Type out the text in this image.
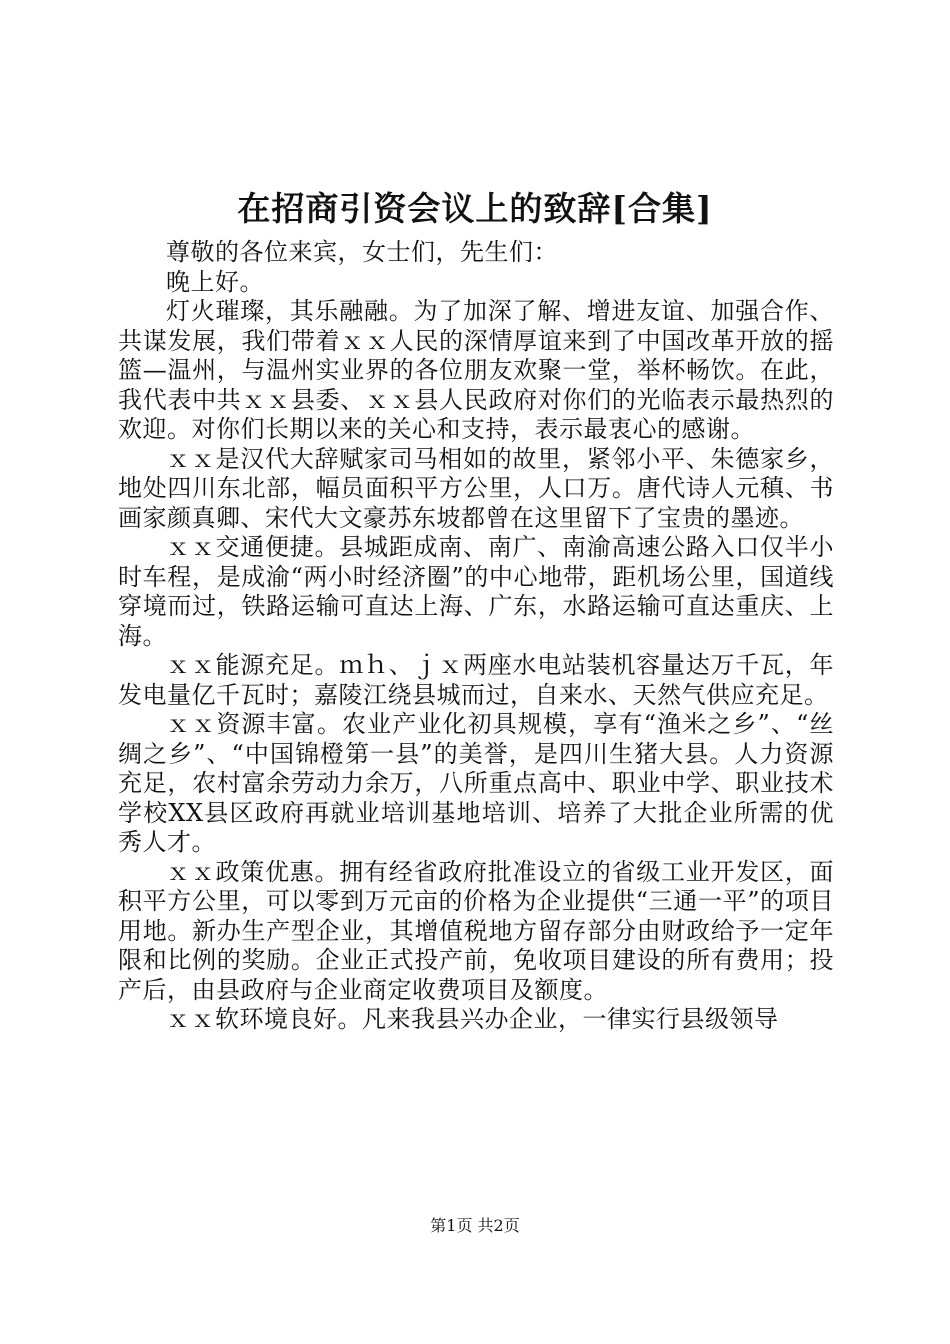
在招商引资会议上的致辞[合集]

尊敬的各位来宾，女士们，先生们：

晚上好。

灯火璀璨，其乐融融。为了加深了解、增进友谊、加强合作、共谋发展，我们带着ｘｘ人民的深情厚谊来到了中国改革开放的摇篮—温州，与温州实业界的各位朋友欢聚一堂，举杯畅饮。在此，我代表中共ｘｘ县委、ｘｘ县人民政府对你们的光临表示最热烈的欢迎。对你们长期以来的关心和支持，表示最衷心的感谢。

ｘｘ是汉代大辞赋家司马相如的故里，紧邻小平、朱德家乡，地处四川东北部，幅员面积平方公里，人口万。唐代诗人元稹、书画家颜真卿、宋代大文豪苏东坡都曾在这里留下了宝贵的墨迹。

ｘｘ交通便捷。县城距成南、南广、南渝高速公路入口仅半小时车程，是成渝“两小时经济圈”的中心地带，距机场公里，国道线穿境而过，铁路运输可直达上海、广东，水路运输可直达重庆、上海。

ｘｘ能源充足。ｍｈ、ｊｘ两座水电站装机容量达万千瓦，年发电量亿千瓦时；嘉陵江绕县城而过，自来水、天然气供应充足。

ｘｘ资源丰富。农业产业化初具规模，享有“渔米之乡”、“丝绸之乡”、“中国锦橙第一县”的美誉，是四川生猪大县。人力资源充足，农村富余劳动力余万，八所重点高中、职业中学、职业技术学校XX县区政府再就业培训基地培训、培养了大批企业所需的优秀人才。

ｘｘ政策优惠。拥有经省政府批准设立的省级工业开发区，面积平方公里，可以零到万元亩的价格为企业提供“三通一平”的项目用地。新办生产型企业，其增值税地方留存部分由财政给予一定年限和比例的奖励。企业正式投产前，免收项目建设的所有费用；投产后，由县政府与企业商定收费项目及额度。

ｘｘ软环境良好。凡来我县兴办企业，一律实行县级领导

第1页 共2页
